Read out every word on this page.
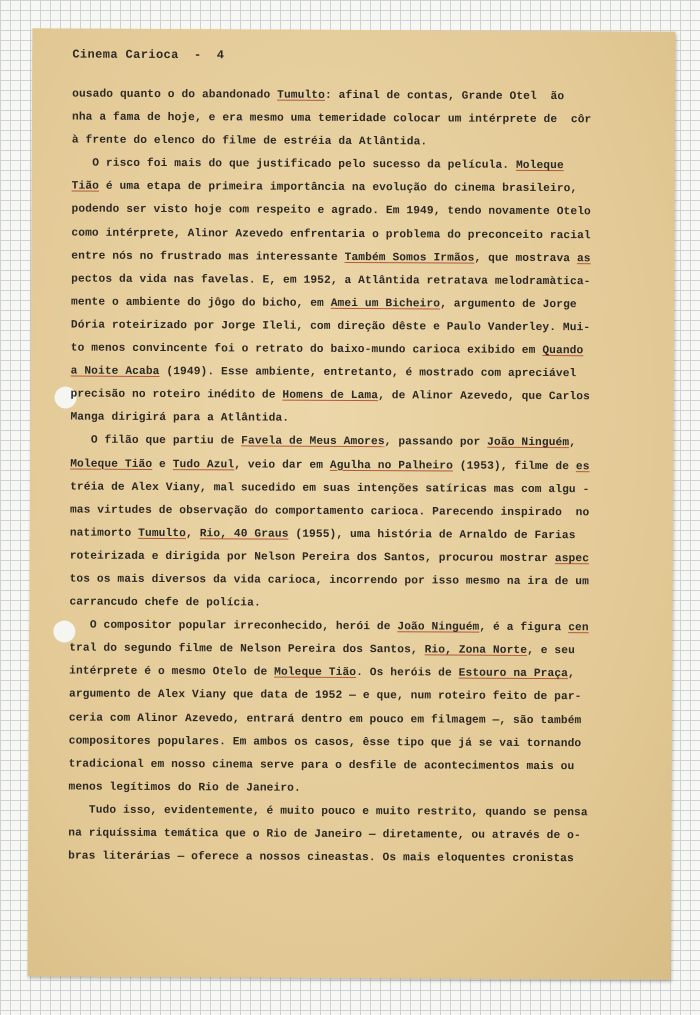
Cinema Carioca  -  4
ousado quanto o do abandonado Tumulto: afinal de contas, Grande Otel  ão
nha a fama de hoje, e era mesmo uma temeridade colocar um intérprete de  côr
à frente do elenco do filme de estréia da Atlântida.
O risco foi mais do que justificado pelo sucesso da película. Moleque
Tião é uma etapa de primeira importância na evolução do cinema brasileiro,
podendo ser visto hoje com respeito e agrado. Em 1949, tendo novamente Otelo
como intérprete, Alinor Azevedo enfrentaria o problema do preconceito racial
entre nós no frustrado mas interessante Também Somos Irmãos, que mostrava as
pectos da vida nas favelas. E, em 1952, a Atlântida retratava melodramàtica-
mente o ambiente do jôgo do bicho, em Amei um Bicheiro, argumento de Jorge
Dória roteirizado por Jorge Ileli, com direção dêste e Paulo Vanderley. Mui-
to menos convincente foi o retrato do baixo-mundo carioca exibido em Quando
a Noite Acaba (1949). Esse ambiente, entretanto, é mostrado com apreciável
precisão no roteiro inédito de Homens de Lama, de Alinor Azevedo, que Carlos
Manga dirigirá para a Atlântida.
O filão que partiu de Favela de Meus Amores, passando por João Ninguém,
Moleque Tião e Tudo Azul, veio dar em Agulha no Palheiro (1953), filme de es
tréia de Alex Viany, mal sucedido em suas intenções satíricas mas com algu -
mas virtudes de observação do comportamento carioca. Parecendo inspirado  no
natimorto Tumulto, Rio, 40 Graus (1955), uma história de Arnaldo de Farias
roteirizada e dirigida por Nelson Pereira dos Santos, procurou mostrar aspec
tos os mais diversos da vida carioca, incorrendo por isso mesmo na ira de um
carrancudo chefe de polícia.
O compositor popular irreconhecido, herói de João Ninguém, é a figura cen
tral do segundo filme de Nelson Pereira dos Santos, Rio, Zona Norte, e seu
intérprete é o mesmo Otelo de Moleque Tião. Os heróis de Estouro na Praça,
argumento de Alex Viany que data de 1952 — e que, num roteiro feito de par-
ceria com Alinor Azevedo, entrará dentro em pouco em filmagem —, são também
compositores populares. Em ambos os casos, êsse tipo que já se vai tornando
tradicional em nosso cinema serve para o desfile de acontecimentos mais ou
menos legítimos do Rio de Janeiro.
Tudo isso, evidentemente, é muito pouco e muito restrito, quando se pensa
na riquíssima temática que o Rio de Janeiro — diretamente, ou através de o-
bras literárias — oferece a nossos cineastas. Os mais eloquentes cronistas
